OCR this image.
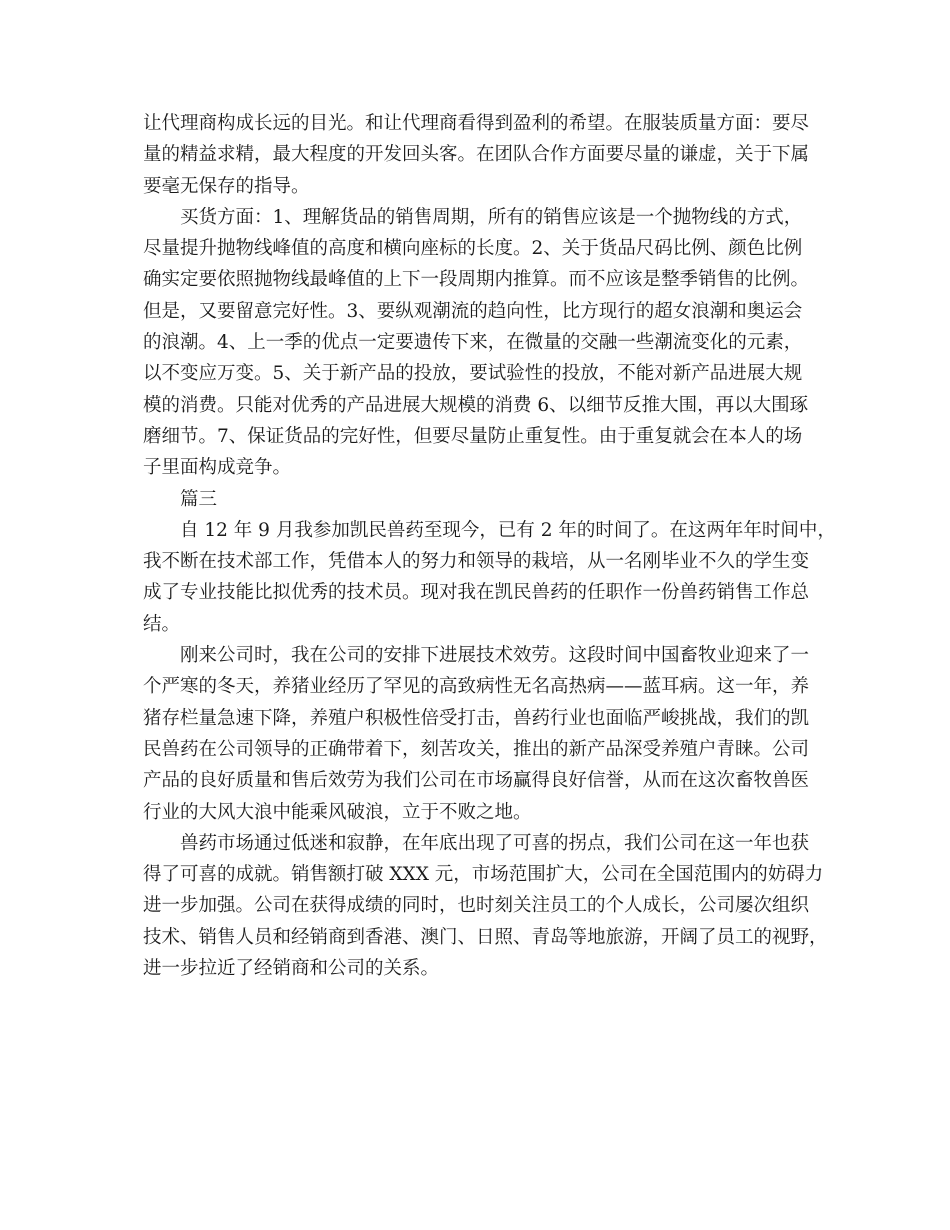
让代理商构成长远的目光。和让代理商看得到盈利的希望。在服装质量方面：要尽
量的精益求精，最大程度的开发回头客。在团队合作方面要尽量的谦虚，关于下属
要毫无保存的指导。
买货方面：1、理解货品的销售周期，所有的销售应该是一个抛物线的方式，
尽量提升抛物线峰值的高度和横向座标的长度。2、关于货品尺码比例、颜色比例
确实定要依照抛物线最峰值的上下一段周期内推算。而不应该是整季销售的比例。
但是，又要留意完好性。3、要纵观潮流的趋向性，比方现行的超女浪潮和奥运会
的浪潮。4、上一季的优点一定要遗传下来，在微量的交融一些潮流变化的元素，
以不变应万变。5、关于新产品的投放，要试验性的投放，不能对新产品进展大规
模的消费。只能对优秀的产品进展大规模的消费 6、以细节反推大围，再以大围琢
磨细节。7、保证货品的完好性，但要尽量防止重复性。由于重复就会在本人的场
子里面构成竞争。
篇三
自 12 年 9 月我参加凯民兽药至现今，已有 2 年的时间了。在这两年年时间中，
我不断在技术部工作，凭借本人的努力和领导的栽培，从一名刚毕业不久的学生变
成了专业技能比拟优秀的技术员。现对我在凯民兽药的任职作一份兽药销售工作总
结。
刚来公司时，我在公司的安排下进展技术效劳。这段时间中国畜牧业迎来了一
个严寒的冬天，养猪业经历了罕见的高致病性无名高热病——蓝耳病。这一年，养
猪存栏量急速下降，养殖户积极性倍受打击，兽药行业也面临严峻挑战，我们的凯
民兽药在公司领导的正确带着下，刻苦攻关，推出的新产品深受养殖户青睐。公司
产品的良好质量和售后效劳为我们公司在市场赢得良好信誉，从而在这次畜牧兽医
行业的大风大浪中能乘风破浪，立于不败之地。
兽药市场通过低迷和寂静，在年底出现了可喜的拐点，我们公司在这一年也获
得了可喜的成就。销售额打破 XXX 元，市场范围扩大，公司在全国范围内的妨碍力
进一步加强。公司在获得成绩的同时，也时刻关注员工的个人成长，公司屡次组织
技术、销售人员和经销商到香港、澳门、日照、青岛等地旅游，开阔了员工的视野，
进一步拉近了经销商和公司的关系。
